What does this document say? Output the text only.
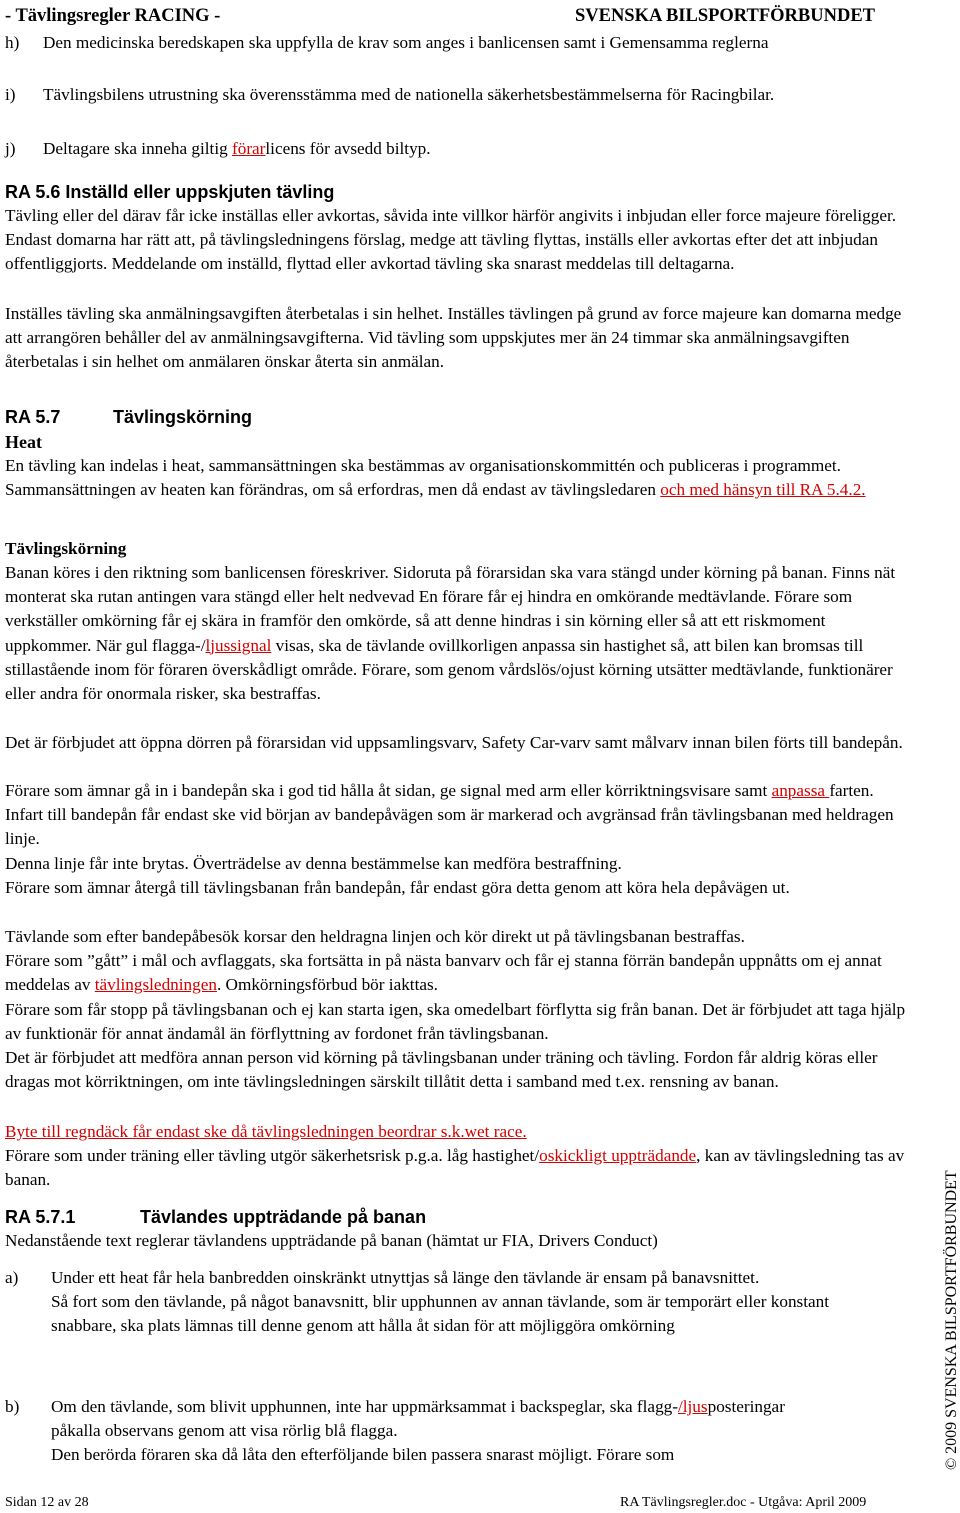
- Tävlingsregler RACING -	SVENSKA BILSPORTFÖRBUNDET
h) Den medicinska beredskapen ska uppfylla de krav som anges i banlicensen samt i Gemensamma reglerna
i) Tävlingsbilens utrustning ska överensstämma med de nationella säkerhetsbestämmelserna för Racingbilar.
j) Deltagare ska inneha giltig förarlicens för avsedd biltyp.
RA 5.6 Inställd eller uppskjuten tävling
Tävling eller del därav får icke inställas eller avkortas, såvida inte villkor härför angivits i inbjudan eller force majeure föreligger. Endast domarna har rätt att, på tävlingsledningens förslag, medge att tävling flyttas, inställs eller avkortas efter det att inbjudan offentliggjorts. Meddelande om inställd, flyttad eller avkortad tävling ska snarast meddelas till deltagarna.
Inställes tävling ska anmälningsavgiften återbetalas i sin helhet. Inställes tävlingen på grund av force majeure kan domarna medge att arrangören behåller del av anmälningsavgifterna. Vid tävling som uppskjutes mer än 24 timmar ska anmälningsavgiften återbetalas i sin helhet om anmälaren önskar återta sin anmälan.
RA 5.7	Tävlingskörning
Heat
En tävling kan indelas i heat, sammansättningen ska bestämmas av organisationskommittén och publiceras i programmet. Sammansättningen av heaten kan förändras, om så erfordras, men då endast av tävlingsledaren och med hänsyn till RA 5.4.2.
Tävlingskörning
Banan köres i den riktning som banlicensen föreskriver. Sidoruta på förarsidan ska vara stängd under körning på banan. Finns nät monterat ska rutan antingen vara stängd eller helt nedvevad En förare får ej hindra en omkörande medtävlande. Förare som verkställer omkörning får ej skära in framför den omkörde, så att denne hindras i sin körning eller så att ett riskmoment uppkommer. När gul flagga-/ljussignal visas, ska de tävlande ovillkorligen anpassa sin hastighet så, att bilen kan bromsas till stillastående inom för föraren överskådligt område. Förare, som genom vårdslös/ojust körning utsätter medtävlande, funktionärer eller andra för onormala risker, ska bestraffas.
Det är förbjudet att öppna dörren på förarsidan vid uppsamlingsvarv, Safety Car-varv samt målvarv innan bilen förts till bandepån.
Förare som ämnar gå in i bandepån ska i god tid hålla åt sidan, ge signal med arm eller körriktningsvisare samt anpassa farten. Infart till bandepån får endast ske vid början av bandepåvägen som är markerad och avgränsad från tävlingsbanan med heldragen linje.
Denna linje får inte brytas. Överträdelse av denna bestämmelse kan medföra bestraffning.
Förare som ämnar återgå till tävlingsbanan från bandepån, får endast göra detta genom att köra hela depåvägen ut.
Tävlande som efter bandepåbesök korsar den heldragna linjen och kör direkt ut på tävlingsbanan bestraffas.
Förare som ”gått” i mål och avflaggats, ska fortsätta in på nästa banvarv och får ej stanna förrän bandepån uppnåtts om ej annat meddelas av tävlingsledningen. Omkörningsförbud bör iakttas.
Förare som får stopp på tävlingsbanan och ej kan starta igen, ska omedelbart förflytta sig från banan. Det är förbjudet att taga hjälp av funktionär för annat ändamål än förflyttning av fordonet från tävlingsbanan.
Det är förbjudet att medföra annan person vid körning på tävlingsbanan under träning och tävling. Fordon får aldrig köras eller dragas mot körriktningen, om inte tävlingsledningen särskilt tillåtit detta i samband med t.ex. rensning av banan.
Byte till regndäck får endast ske då tävlingsledningen beordrar s.k.wet race.
Förare som under träning eller tävling utgör säkerhetsrisk p.g.a. låg hastighet/oskickligt uppträdande, kan av tävlingsledning tas av banan.
RA 5.7.1	Tävlandes uppträdande på banan
Nedanstående text reglerar tävlandens uppträdande på banan (hämtat ur FIA, Drivers Conduct)
a) Under ett heat får hela banbredden oinskränkt utnyttjas så länge den tävlande är ensam på banavsnittet.
Så fort som den tävlande, på något banavsnitt, blir upphunnen av annan tävlande, som är temporärt eller konstant snabbare, ska plats lämnas till denne genom att hålla åt sidan för att möjliggöra omkörning
b) Om den tävlande, som blivit upphunnen, inte har uppmärksammat i backspeglar, ska flagg-/ljusposteringar påkalla observans genom att visa rörlig blå flagga.
Den berörda föraren ska då låta den efterföljande bilen passera snarast möjligt. Förare som	© 2009 SVENSKA BILSPORTFÖRBUNDET
Sidan 12 av 28	RA Tävlingsregler.doc - Utgåva: April 2009
